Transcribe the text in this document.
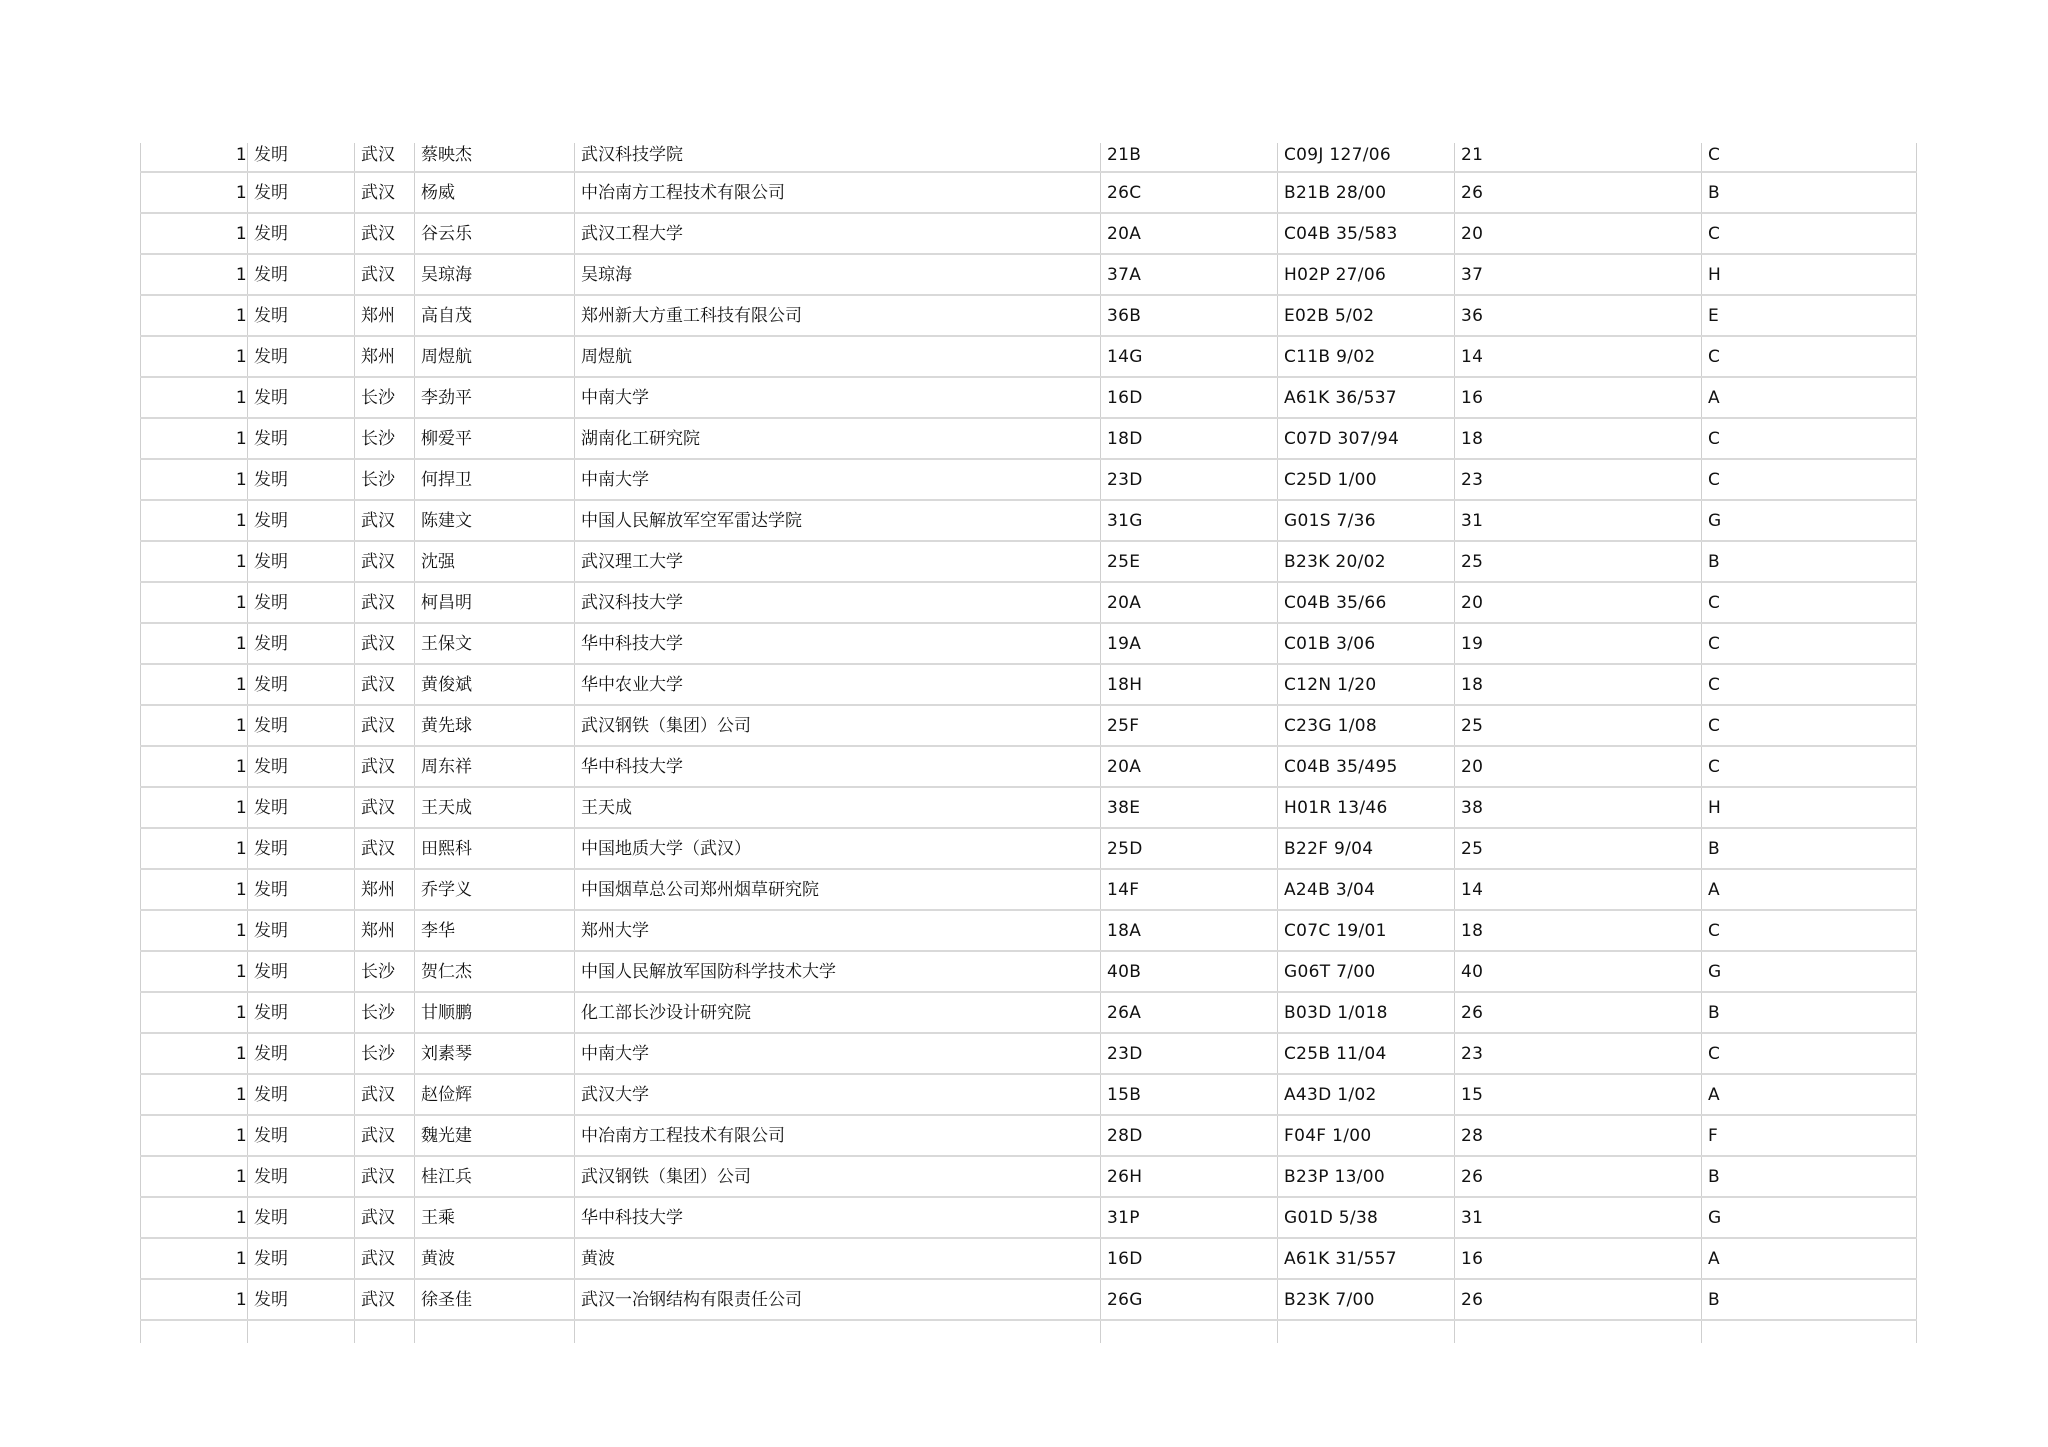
1	发明	武汉	蔡映杰	武汉科技学院	21B	C09J 127/06	21	C
1	发明	武汉	杨威	中冶南方工程技术有限公司	26C	B21B 28/00	26	B
1	发明	武汉	谷云乐	武汉工程大学	20A	C04B 35/583	20	C
1	发明	武汉	吴琼海	吴琼海	37A	H02P 27/06	37	H
1	发明	郑州	高自茂	郑州新大方重工科技有限公司	36B	E02B 5/02	36	E
1	发明	郑州	周煜航	周煜航	14G	C11B 9/02	14	C
1	发明	长沙	李劲平	中南大学	16D	A61K 36/537	16	A
1	发明	长沙	柳爱平	湖南化工研究院	18D	C07D 307/94	18	C
1	发明	长沙	何捍卫	中南大学	23D	C25D 1/00	23	C
1	发明	武汉	陈建文	中国人民解放军空军雷达学院	31G	G01S 7/36	31	G
1	发明	武汉	沈强	武汉理工大学	25E	B23K 20/02	25	B
1	发明	武汉	柯昌明	武汉科技大学	20A	C04B 35/66	20	C
1	发明	武汉	王保文	华中科技大学	19A	C01B 3/06	19	C
1	发明	武汉	黄俊斌	华中农业大学	18H	C12N 1/20	18	C
1	发明	武汉	黄先球	武汉钢铁（集团）公司	25F	C23G 1/08	25	C
1	发明	武汉	周东祥	华中科技大学	20A	C04B 35/495	20	C
1	发明	武汉	王天成	王天成	38E	H01R 13/46	38	H
1	发明	武汉	田熙科	中国地质大学（武汉）	25D	B22F 9/04	25	B
1	发明	郑州	乔学义	中国烟草总公司郑州烟草研究院	14F	A24B 3/04	14	A
1	发明	郑州	李华	郑州大学	18A	C07C 19/01	18	C
1	发明	长沙	贺仁杰	中国人民解放军国防科学技术大学	40B	G06T 7/00	40	G
1	发明	长沙	甘顺鹏	化工部长沙设计研究院	26A	B03D 1/018	26	B
1	发明	长沙	刘素琴	中南大学	23D	C25B 11/04	23	C
1	发明	武汉	赵俭辉	武汉大学	15B	A43D 1/02	15	A
1	发明	武汉	魏光建	中冶南方工程技术有限公司	28D	F04F 1/00	28	F
1	发明	武汉	桂江兵	武汉钢铁（集团）公司	26H	B23P 13/00	26	B
1	发明	武汉	王乘	华中科技大学	31P	G01D 5/38	31	G
1	发明	武汉	黄波	黄波	16D	A61K 31/557	16	A
1	发明	武汉	徐圣佳	武汉一冶钢结构有限责任公司	26G	B23K 7/00	26	B
